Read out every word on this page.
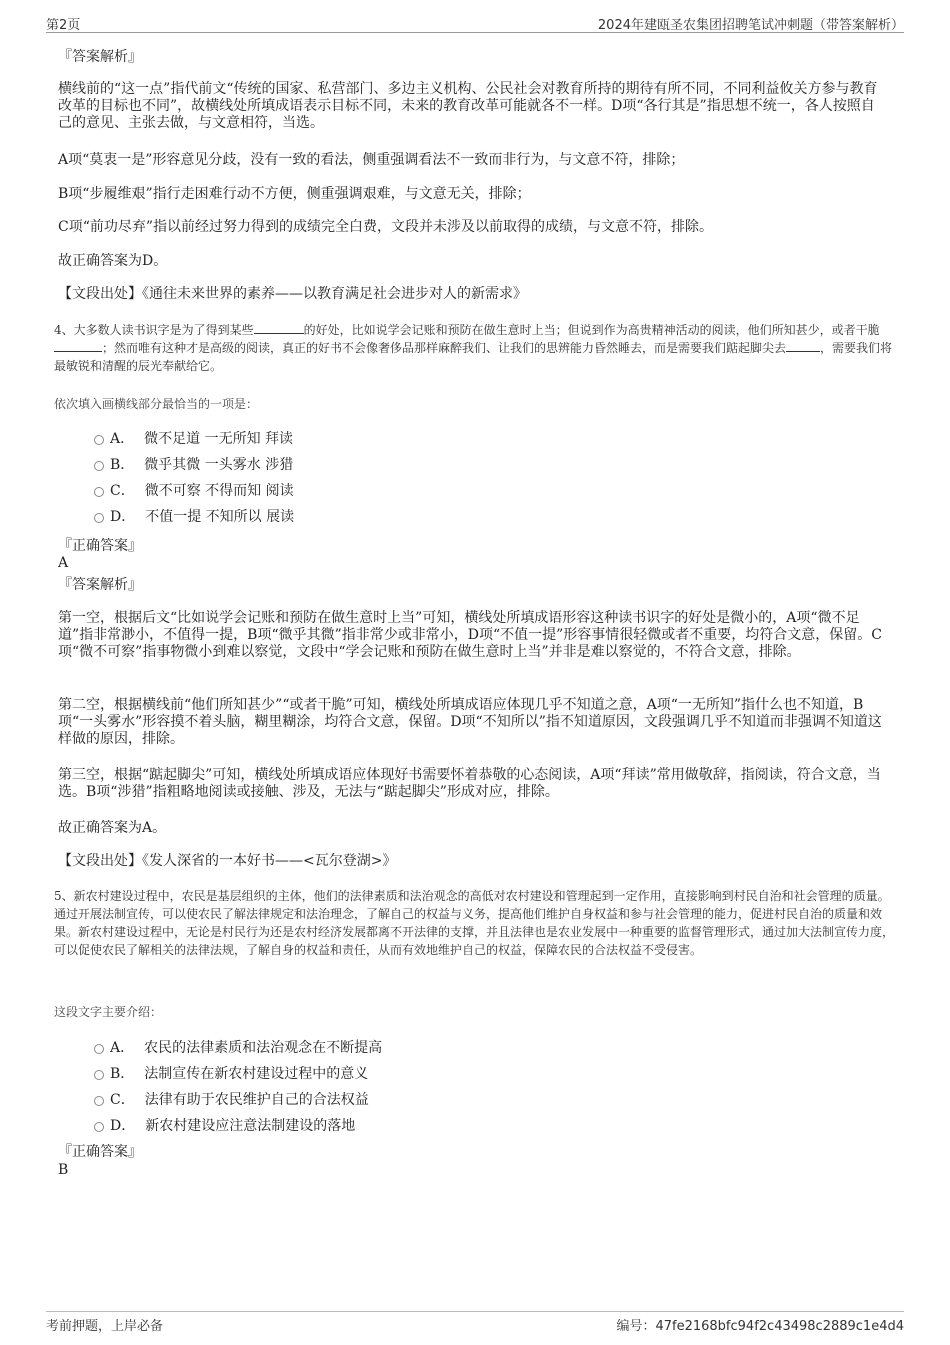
第2页	2024年建瓯圣农集团招聘笔试冲刺题（带答案解析）
『答案解析』

横线前的“这一点”指代前文“传统的国家、私营部门、多边主义机构、公民社会对教育所持的期待有所不同，不同利益攸关方参与教育改革的目标也不同”，故横线处所填成语表示目标不同，未来的教育改革可能就各不一样。D项“各行其是”指思想不统一，各人按照自己的意见、主张去做，与文意相符，当选。

A项“莫衷一是”形容意见分歧，没有一致的看法，侧重强调看法不一致而非行为，与文意不符，排除；

B项“步履维艰”指行走困难行动不方便，侧重强调艰难，与文意无关，排除；

C项“前功尽弃”指以前经过努力得到的成绩完全白费，文段并未涉及以前取得的成绩，与文意不符，排除。

故正确答案为D。

【文段出处】《通往未来世界的素养——以教育满足社会进步对人的新需求》

4、大多数人读书识字是为了得到某些	的好处，比如说学会记账和预防在做生意时上当；但说到作为高贵精神活动的阅读，他们所知甚少，或者干脆；然而唯有这种才是高级的阅读，真正的好书不会像奢侈品那样麻醉我们、让我们的思辨能力昏然睡去，而是需要我们踮起脚尖去	，需要我们将最敏锐和清醒的辰光奉献给它。

依次填入画横线部分最恰当的一项是：
A． 微不足道 一无所知 拜读
B． 微乎其微 一头雾水 涉猎
C． 微不可察 不得而知 阅读
D． 不值一提 不知所以 展读
『正确答案』
A
『答案解析』

第一空，根据后文“比如说学会记账和预防在做生意时上当”可知，横线处所填成语形容这种读书识字的好处是微小的，A项“微不足道”指非常渺小，不值得一提，B项“微乎其微”指非常少或非常小，D项“不值一提”形容事情很轻微或者不重要，均符合文意，保留。C项“微不可察”指事物微小到难以察觉，文段中“学会记账和预防在做生意时上当”并非是难以察觉的，不符合文意，排除。

第二空，根据横线前“他们所知甚少”“或者干脆”可知，横线处所填成语应体现几乎不知道之意，A项“一无所知”指什么也不知道，B项“一头雾水”形容摸不着头脑，糊里糊涂，均符合文意，保留。D项“不知所以”指不知道原因，文段强调几乎不知道而非强调不知道这样做的原因，排除。

第三空，根据“踮起脚尖”可知，横线处所填成语应体现好书需要怀着恭敬的心态阅读，A项“拜读”常用做敬辞，指阅读，符合文意，当选。B项“涉猎”指粗略地阅读或接触、涉及，无法与“踮起脚尖”形成对应，排除。

故正确答案为A。

【文段出处】《发人深省的一本好书——<瓦尔登湖>》

5、新农村建设过程中，农民是基层组织的主体，他们的法律素质和法治观念的高低对农村建设和管理起到一定作用，直接影响到村民自治和社会管理的质量。通过开展法制宣传，可以使农民了解法律规定和法治理念，了解自己的权益与义务，提高他们维护自身权益和参与社会管理的能力，促进村民自治的质量和效果。新农村建设过程中，无论是村民行为还是农村经济发展都离不开法律的支撑，并且法律也是农业发展中一种重要的监督管理形式，通过加大法制宣传力度，可以促使农民了解相关的法律法规，了解自身的权益和责任，从而有效地维护自己的权益，保障农民的合法权益不受侵害。

这段文字主要介绍：
A． 农民的法律素质和法治观念在不断提高
B． 法制宣传在新农村建设过程中的意义
C． 法律有助于农民维护自己的合法权益
D． 新农村建设应注意法制建设的落地
『正确答案』
B
考前押题，上岸必备	编号：47fe2168bfc94f2c43498c2889c1e4d4
